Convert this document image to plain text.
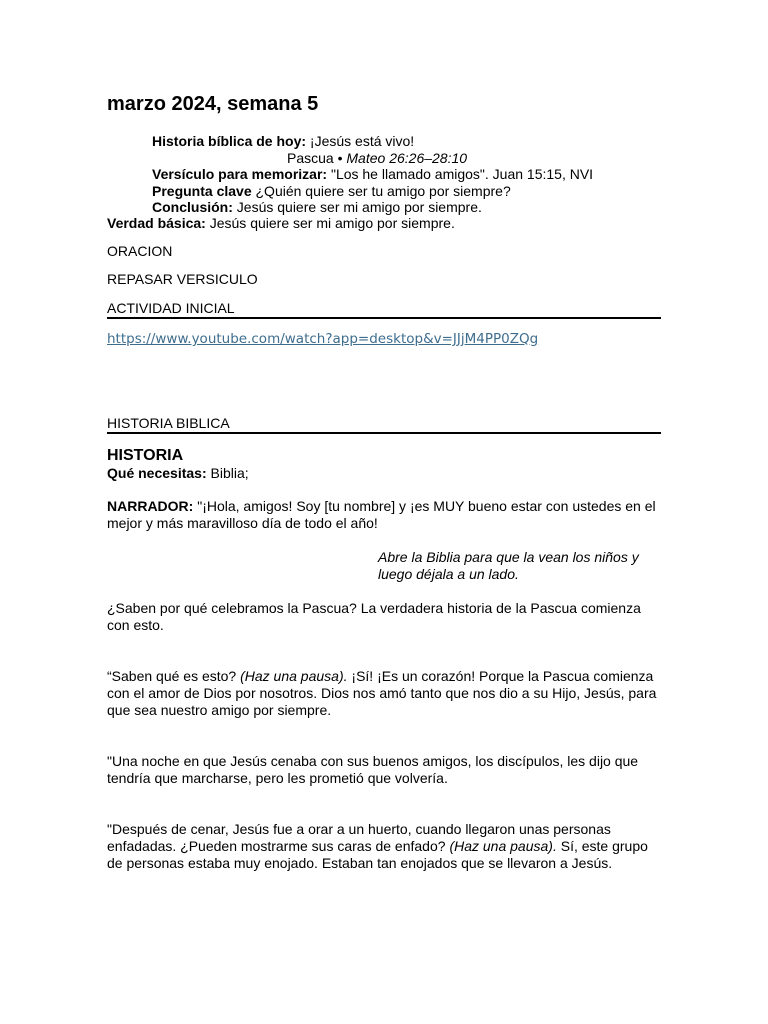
marzo 2024, semana 5
Historia bíblica de hoy: ¡Jesús está vivo!
Pascua • Mateo 26:26–28:10
Versículo para memorizar: "Los he llamado amigos". Juan 15:15, NVI
Pregunta clave ¿Quién quiere ser tu amigo por siempre?
Conclusión: Jesús quiere ser mi amigo por siempre.
Verdad básica: Jesús quiere ser mi amigo por siempre.
ORACION
REPASAR VERSICULO
ACTIVIDAD INICIAL
https://www.youtube.com/watch?app=desktop&v=JJjM4PP0ZQg
HISTORIA BIBLICA
HISTORIA
Qué necesitas: Biblia;
NARRADOR: "¡Hola, amigos! Soy [tu nombre] y ¡es MUY bueno estar con ustedes en el mejor y más maravilloso día de todo el año!
Abre la Biblia para que la vean los niños y luego déjala a un lado.
¿Saben por qué celebramos la Pascua? La verdadera historia de la Pascua comienza con esto.
“Saben qué es esto? (Haz una pausa). ¡Sí! ¡Es un corazón! Porque la Pascua comienza con el amor de Dios por nosotros. Dios nos amó tanto que nos dio a su Hijo, Jesús, para que sea nuestro amigo por siempre.
"Una noche en que Jesús cenaba con sus buenos amigos, los discípulos, les dijo que tendría que marcharse, pero les prometió que volvería.
"Después de cenar, Jesús fue a orar a un huerto, cuando llegaron unas personas enfadadas. ¿Pueden mostrarme sus caras de enfado? (Haz una pausa). Sí, este grupo de personas estaba muy enojado. Estaban tan enojados que se llevaron a Jesús.
